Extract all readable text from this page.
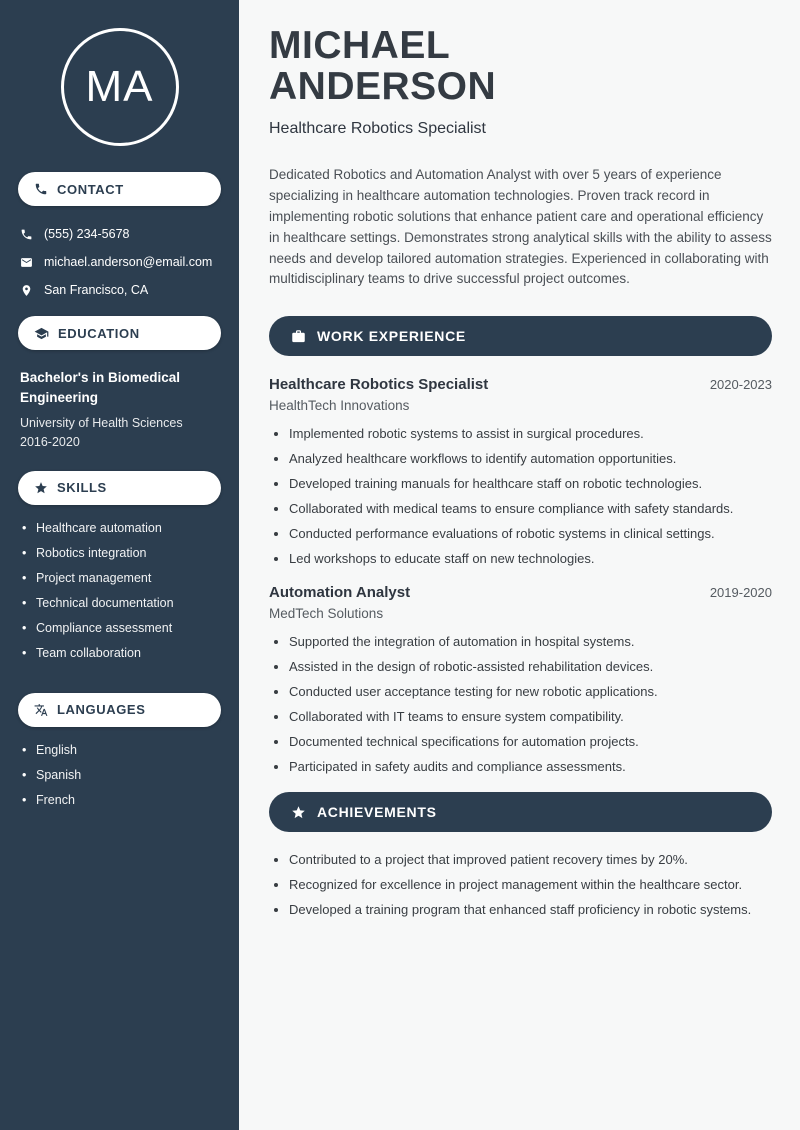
MA
CONTACT
(555) 234-5678
michael.anderson@email.com
San Francisco, CA
EDUCATION
Bachelor's in Biomedical Engineering
University of Health Sciences
2016-2020
SKILLS
• Healthcare automation
• Robotics integration
• Project management
• Technical documentation
• Compliance assessment
• Team collaboration
LANGUAGES
• English
• Spanish
• French
MICHAEL
ANDERSON
Healthcare Robotics Specialist

Dedicated Robotics and Automation Analyst with over 5 years of experience specializing in healthcare automation technologies. Proven track record in implementing robotic solutions that enhance patient care and operational efficiency in healthcare settings. Demonstrates strong analytical skills with the ability to assess needs and develop tailored automation strategies. Experienced in collaborating with multidisciplinary teams to drive successful project outcomes.

WORK EXPERIENCE
Healthcare Robotics Specialist	2020-2023
HealthTech Innovations
• Implemented robotic systems to assist in surgical procedures.
• Analyzed healthcare workflows to identify automation opportunities.
• Developed training manuals for healthcare staff on robotic technologies.
• Collaborated with medical teams to ensure compliance with safety standards.
• Conducted performance evaluations of robotic systems in clinical settings.
• Led workshops to educate staff on new technologies.
Automation Analyst	2019-2020
MedTech Solutions
• Supported the integration of automation in hospital systems.
• Assisted in the design of robotic-assisted rehabilitation devices.
• Conducted user acceptance testing for new robotic applications.
• Collaborated with IT teams to ensure system compatibility.
• Documented technical specifications for automation projects.
• Participated in safety audits and compliance assessments.
ACHIEVEMENTS
• Contributed to a project that improved patient recovery times by 20%.
• Recognized for excellence in project management within the healthcare sector.
• Developed a training program that enhanced staff proficiency in robotic systems.
